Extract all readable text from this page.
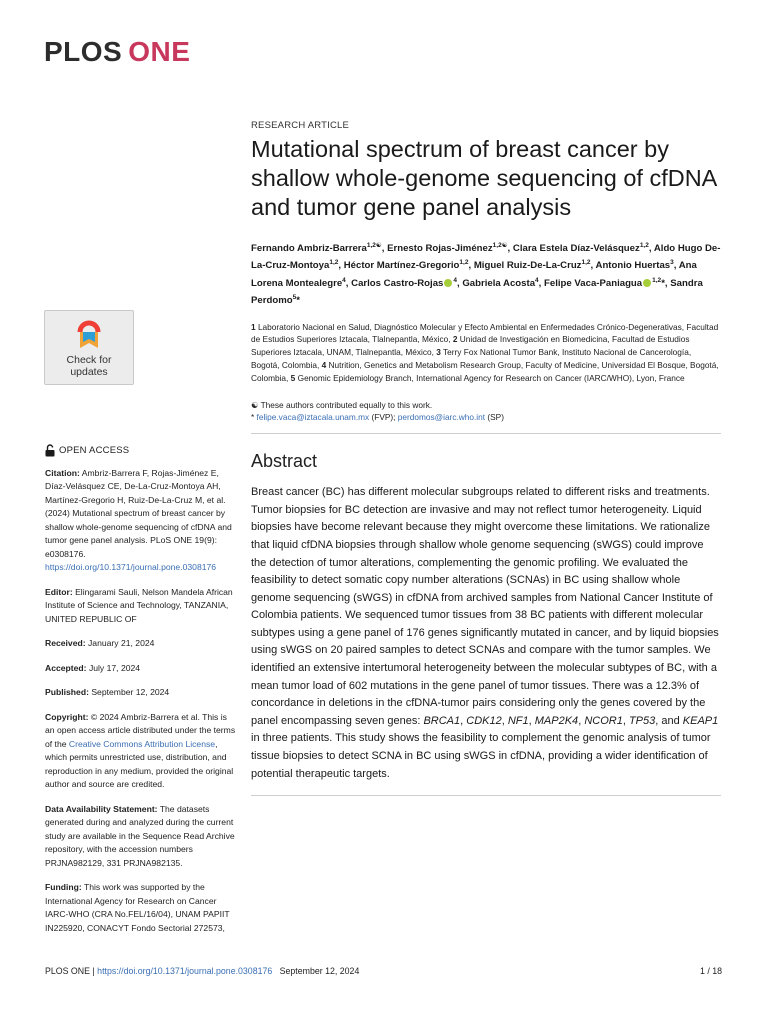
PLOS ONE
Check for
updates
OPEN ACCESS

Citation: Ambriz-Barrera F, Rojas-Jiménez E, Díaz-Velásquez CE, De-La-Cruz-Montoya AH, Martínez-Gregorio H, Ruiz-De-La-Cruz M, et al. (2024) Mutational spectrum of breast cancer by shallow whole-genome sequencing of cfDNA and tumor gene panel analysis. PLoS ONE 19(9): e0308176. https://doi.org/10.1371/journal.pone.0308176

Editor: Elingarami Sauli, Nelson Mandela African Institute of Science and Technology, TANZANIA, UNITED REPUBLIC OF

Received: January 21, 2024

Accepted: July 17, 2024

Published: September 12, 2024

Copyright: © 2024 Ambriz-Barrera et al. This is an open access article distributed under the terms of the Creative Commons Attribution License, which permits unrestricted use, distribution, and reproduction in any medium, provided the original author and source are credited.

Data Availability Statement: The datasets generated during and analyzed during the current study are available in the Sequence Read Archive repository, with the accession numbers PRJNA982129, 331 PRJNA982135.

Funding: This work was supported by the International Agency for Research on Cancer IARC-WHO (CRA No.FEL/16/04), UNAM PAPIIT IN225920, CONACYT Fondo Sectorial 272573,

RESEARCH ARTICLE
Mutational spectrum of breast cancer by shallow whole-genome sequencing of cfDNA and tumor gene panel analysis
Fernando Ambriz-Barrera$^{1,2☯}$, Ernesto Rojas-Jiménez$^{1,2☯}$, Clara Estela Díaz-Velásquez$^{1,2}$, Aldo Hugo De-La-Cruz-Montoya$^{1,2}$, Héctor Martínez-Gregorio$^{1,2}$, Miguel Ruiz-De-La-Cruz$^{1,2}$, Antonio Huertas$^3$, Ana Lorena Montealegre$^4$, Carlos Castro-Rojas $^4$, Gabriela Acosta$^4$, Felipe Vaca-Paniagua $^{1,2}$*, Sandra Perdomo$^5$*
1 Laboratorio Nacional en Salud, Diagnóstico Molecular y Efecto Ambiental en Enfermedades Crónico-Degenerativas, Facultad de Estudios Superiores Iztacala, Tlalnepantla, México, 2 Unidad de Investigación en Biomedicina, Facultad de Estudios Superiores Iztacala, UNAM, Tlalnepantla, México, 3 Terry Fox National Tumor Bank, Instituto Nacional de Cancerología, Bogotá, Colombia, 4 Nutrition, Genetics and Metabolism Research Group, Faculty of Medicine, Universidad El Bosque, Bogotá, Colombia, 5 Genomic Epidemiology Branch, International Agency for Research on Cancer (IARC/WHO), Lyon, France
☯ These authors contributed equally to this work.
* felipe.vaca@iztacala.unam.mx (FVP); perdomos@iarc.who.int (SP)
Abstract
Breast cancer (BC) has different molecular subgroups related to different risks and treatments. Tumor biopsies for BC detection are invasive and may not reflect tumor heterogeneity. Liquid biopsies have become relevant because they might overcome these limitations. We rationalize that liquid cfDNA biopsies through shallow whole genome sequencing (sWGS) could improve the detection of tumor alterations, complementing the genomic profiling. We evaluated the feasibility to detect somatic copy number alterations (SCNAs) in BC using shallow whole genome sequencing (sWGS) in cfDNA from archived samples from National Cancer Institute of Colombia patients. We sequenced tumor tissues from 38 BC patients with different molecular subtypes using a gene panel of 176 genes significantly mutated in cancer, and by liquid biopsies using sWGS on 20 paired samples to detect SCNAs and compare with the tumor samples. We identified an extensive intertumoral heterogeneity between the molecular subtypes of BC, with a mean tumor load of 602 mutations in the gene panel of tumor tissues. There was a 12.3% of concordance in deletions in the cfDNA-tumor pairs considering only the genes covered by the panel encompassing seven genes: BRCA1, CDK12, NF1, MAP2K4, NCOR1, TP53, and KEAP1 in three patients. This study shows the feasibility to complement the genomic analysis of tumor tissue biopsies to detect SCNA in BC using sWGS in cfDNA, providing a wider identification of potential therapeutic targets.
PLOS ONE | https://doi.org/10.1371/journal.pone.0308176 September 12, 2024	1 / 18
